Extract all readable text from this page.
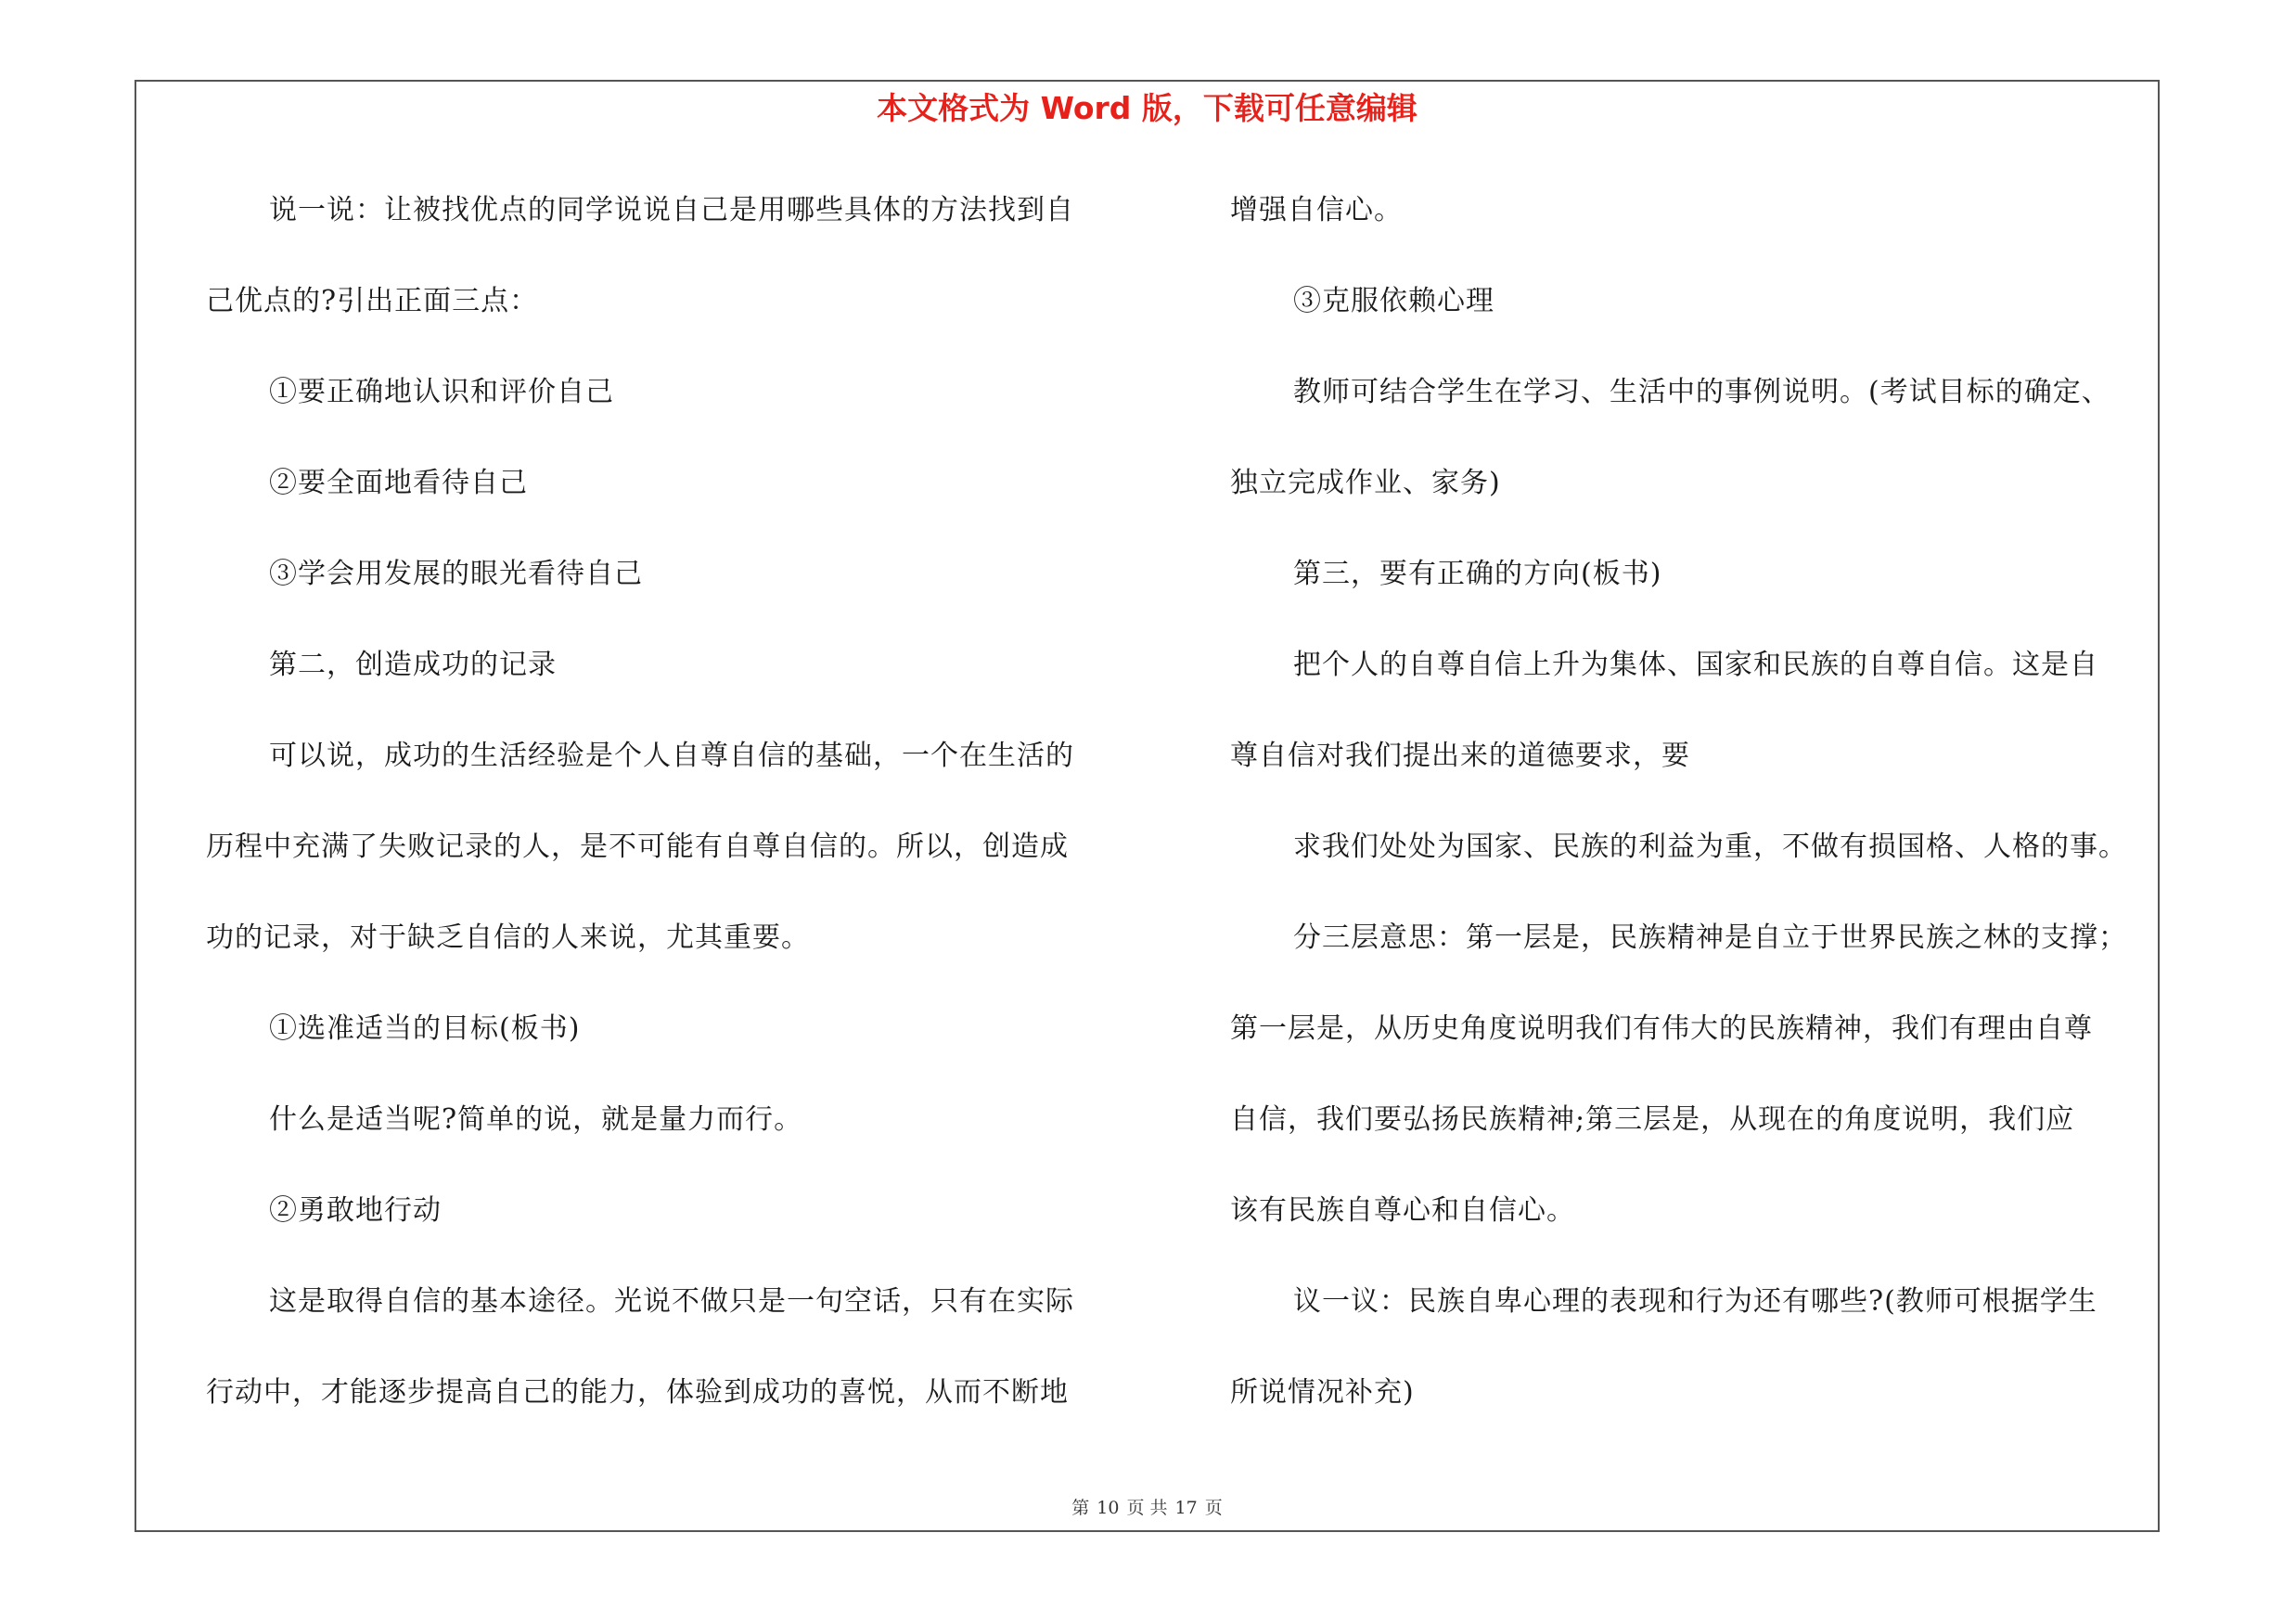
本文格式为 Word 版，下载可任意编辑
说一说：让被找优点的同学说说自己是用哪些具体的方法找到自
己优点的?引出正面三点：
①要正确地认识和评价自己
②要全面地看待自己
③学会用发展的眼光看待自己
第二，创造成功的记录
可以说，成功的生活经验是个人自尊自信的基础，一个在生活的
历程中充满了失败记录的人，是不可能有自尊自信的。所以，创造成
功的记录，对于缺乏自信的人来说，尤其重要。
①选准适当的目标(板书)
什么是适当呢?简单的说，就是量力而行。
②勇敢地行动
这是取得自信的基本途径。光说不做只是一句空话，只有在实际
行动中，才能逐步提高自己的能力，体验到成功的喜悦，从而不断地
增强自信心。
③克服依赖心理
教师可结合学生在学习、生活中的事例说明。(考试目标的确定、
独立完成作业、家务)
第三，要有正确的方向(板书)
把个人的自尊自信上升为集体、国家和民族的自尊自信。这是自
尊自信对我们提出来的道德要求，要
求我们处处为国家、民族的利益为重，不做有损国格、人格的事。
分三层意思：第一层是，民族精神是自立于世界民族之林的支撑；
第一层是，从历史角度说明我们有伟大的民族精神，我们有理由自尊
自信，我们要弘扬民族精神;第三层是，从现在的角度说明，我们应
该有民族自尊心和自信心。
议一议：民族自卑心理的表现和行为还有哪些?(教师可根据学生
所说情况补充)
第 10 页 共 17 页
